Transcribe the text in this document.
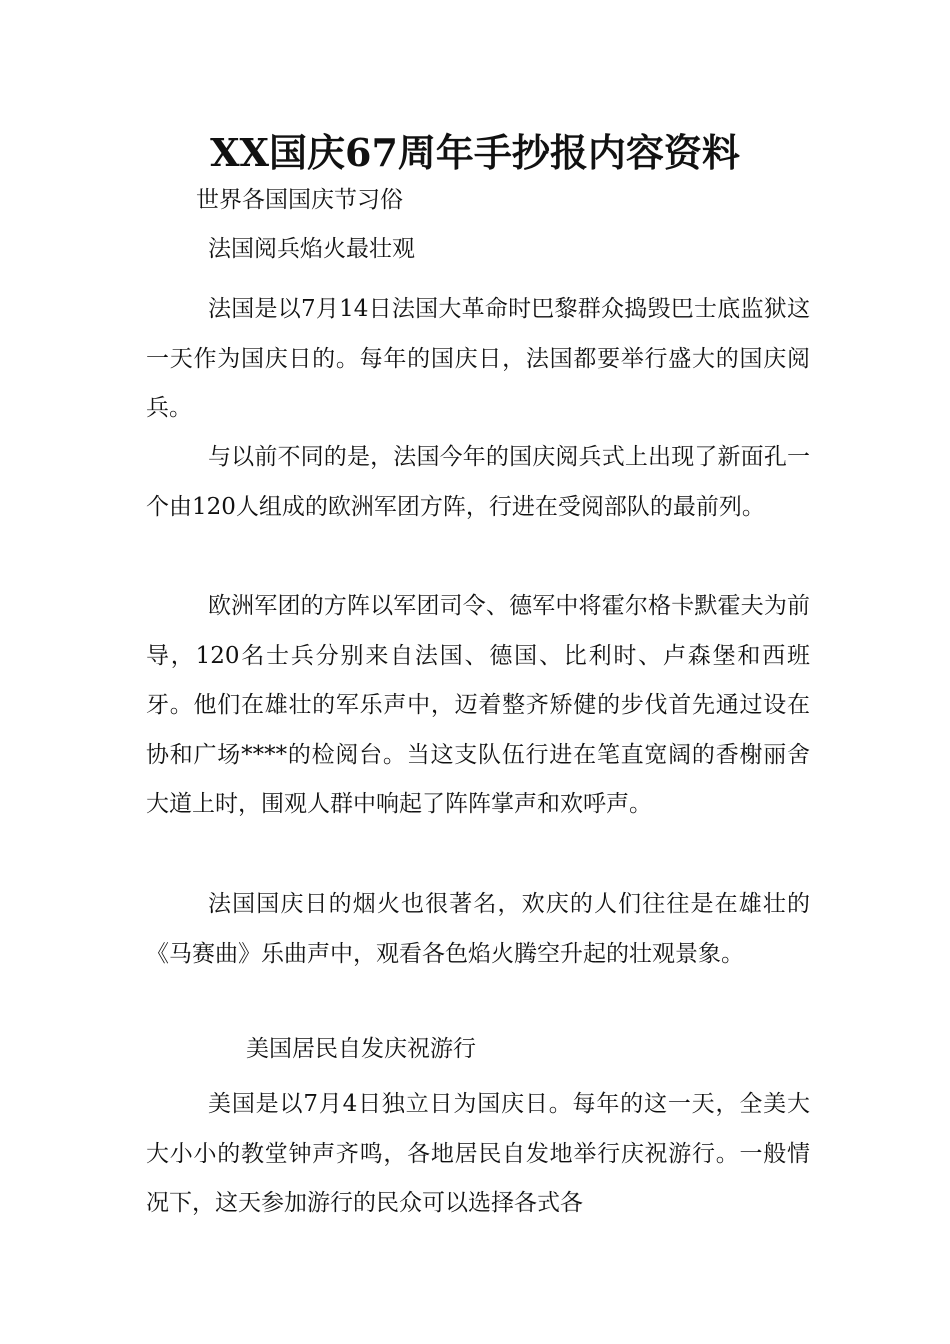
XX国庆67周年手抄报内容资料

世界各国国庆节习俗

法国阅兵焰火最壮观

法国是以7月14日法国大革命时巴黎群众捣毁巴士底监狱这一天作为国庆日的。每年的国庆日，法国都要举行盛大的国庆阅兵。

与以前不同的是，法国今年的国庆阅兵式上出现了新面孔一个由120人组成的欧洲军团方阵，行进在受阅部队的最前列。

欧洲军团的方阵以军团司令、德军中将霍尔格卡默霍夫为前导，120名士兵分别来自法国、德国、比利时、卢森堡和西班牙。他们在雄壮的军乐声中，迈着整齐矫健的步伐首先通过设在协和广场****的检阅台。当这支队伍行进在笔直宽阔的香榭丽舍大道上时，围观人群中响起了阵阵掌声和欢呼声。

法国国庆日的烟火也很著名，欢庆的人们往往是在雄壮的《马赛曲》乐曲声中，观看各色焰火腾空升起的壮观景象。

美国居民自发庆祝游行

美国是以7月4日独立日为国庆日。每年的这一天，全美大大小小的教堂钟声齐鸣，各地居民自发地举行庆祝游行。一般情况下，这天参加游行的民众可以选择各式各
